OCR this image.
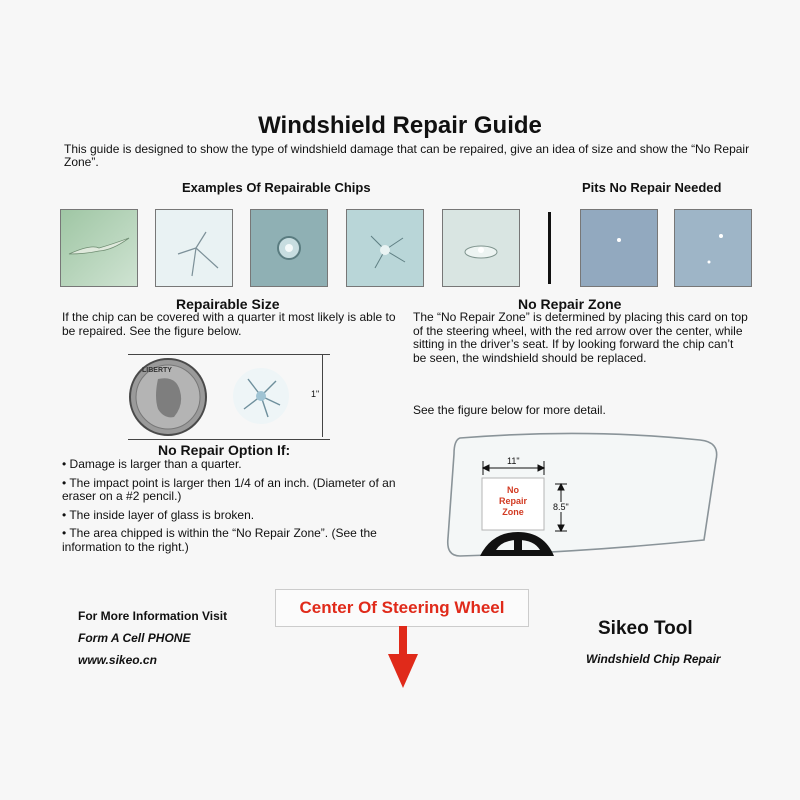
Windshield Repair Guide
This guide is designed to show the type of windshield damage that can be repaired, give an idea of size and show the “No Repair Zone”.
Examples Of Repairable Chips	Pits No Repair Needed
Repairable Size
If the chip can be covered with a quarter it most likely is able to be repaired. See the figure below.
No Repair Zone
The “No Repair Zone” is determined by placing this card on top of the steering wheel, with the red arrow over the center, while sitting in the driver’s seat. If by looking forward the chip can’t be seen, the windshield should be replaced.
See the figure below for more detail.
LIBERTY
1"
No Repair Option If:
• Damage is larger than a quarter.
• The impact point is larger then 1/4 of an inch. (Diameter of an eraser on a #2 pencil.)
• The inside layer of glass is broken.
• The area chipped is within the “No Repair Zone”. (See the information to the right.)
11"
8.5"
No
Repair
Zone
For More Information Visit
Form A Cell PHONE
www.sikeo.cn
Center Of Steering Wheel
Sikeo Tool
Windshield Chip Repair
